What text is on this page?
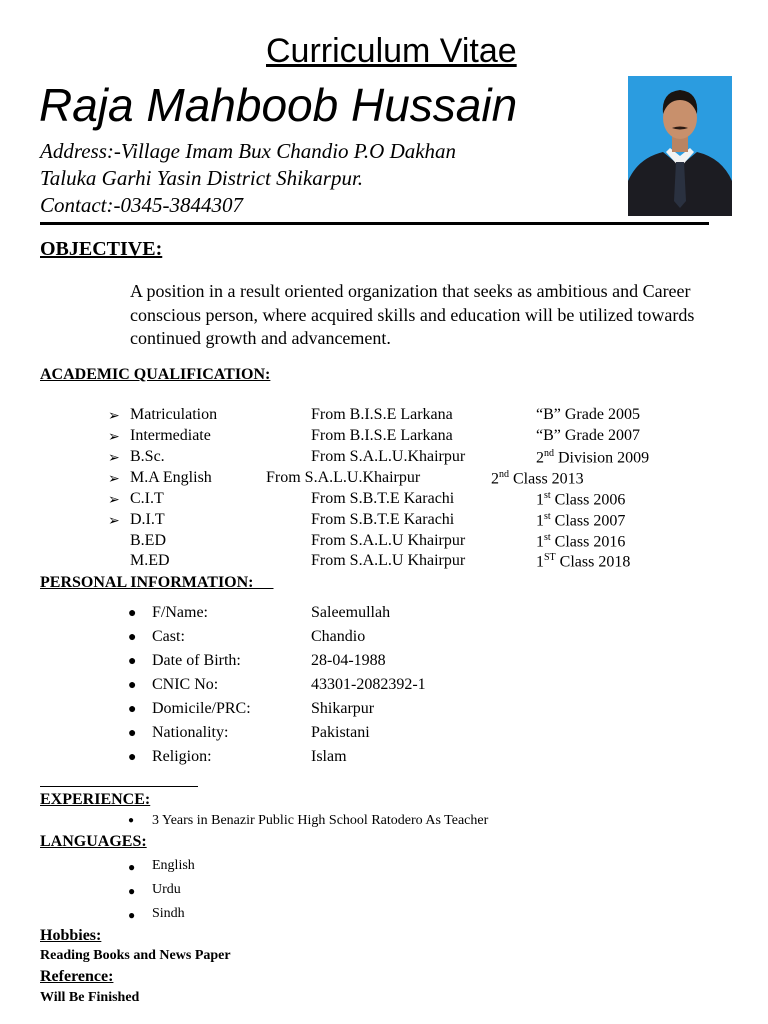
Curriculum Vitae
Raja Mahboob Hussain
Address:-Village Imam Bux Chandio P.O Dakhan
Taluka Garhi Yasin District Shikarpur.
Contact:-0345-3844307
OBJECTIVE:
A position in a result oriented organization that seeks as ambitious and Career conscious person, where acquired skills and education will be utilized towards continued growth and advancement.
ACADEMIC QUALIFICATION:
➢ Matriculation	From B.I.S.E Larkana	“B” Grade 2005
➢ Intermediate	From B.I.S.E Larkana	“B” Grade 2007
➢ B.Sc.	From S.A.L.U.Khairpur	2nd Division 2009
➢ M.A English	From S.A.L.U.Khairpur	2nd Class 2013
➢ C.I.T	From S.B.T.E Karachi	1st Class 2006
➢ D.I.T	From S.B.T.E Karachi	1st Class 2007
B.ED	From S.A.L.U Khairpur	1st Class 2016
M.ED	From S.A.L.U Khairpur	1ST Class 2018
PERSONAL INFORMATION:
● F/Name:	Saleemullah
● Cast:	Chandio
● Date of Birth:	28-04-1988
● CNIC No:	43301-2082392-1
● Domicile/PRC:	Shikarpur
● Nationality:	Pakistani
● Religion:	Islam
EXPERIENCE:
● 3 Years in Benazir Public High School Ratodero As Teacher
LANGUAGES:
● English
● Urdu
● Sindh
Hobbies:
Reading Books and News Paper
Reference:
Will Be Finished
